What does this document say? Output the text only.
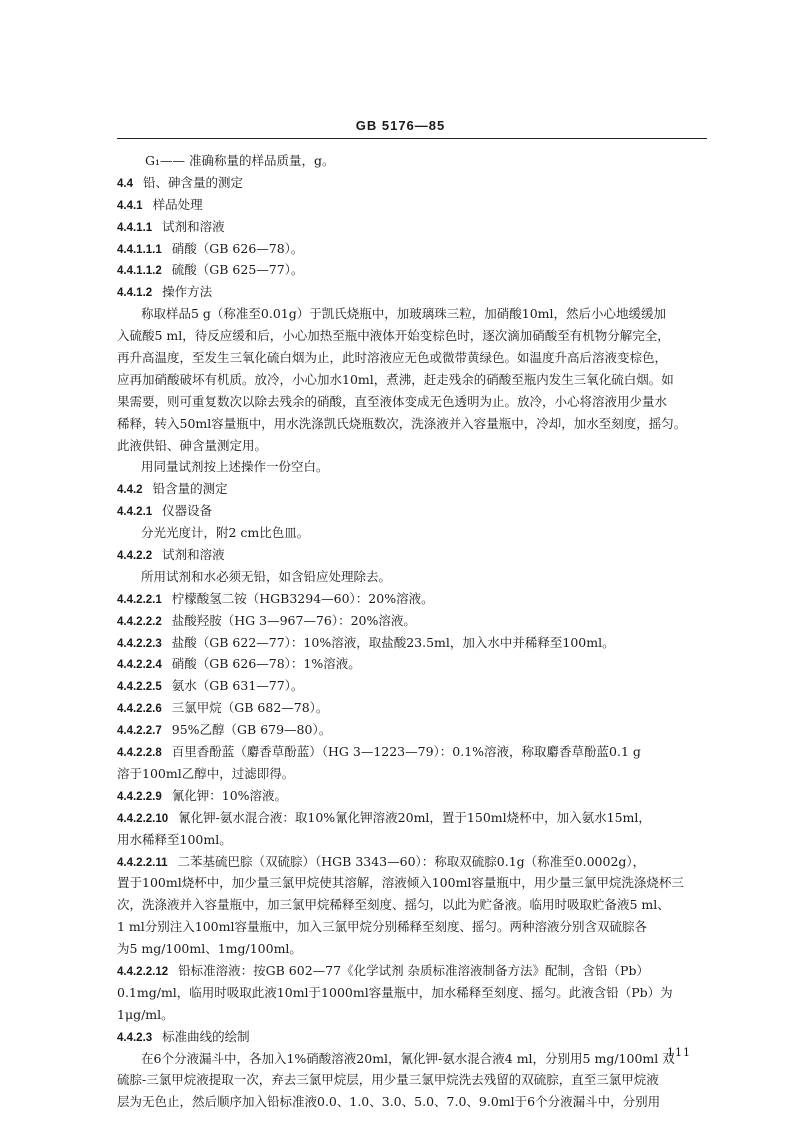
GB 5176—85
G₁—— 准确称量的样品质量，g。
4.4 铅、砷含量的测定
4.4.1 样品处理
4.4.1.1 试剂和溶液
4.4.1.1.1 硝酸（GB 626—78）。
4.4.1.1.2 硫酸（GB 625—77）。
4.4.1.2 操作方法
称取样品5 g（称准至0.01g）于凯氏烧瓶中，加玻璃珠三粒，加硝酸10ml，然后小心地缓缓加
入硫酸5 ml，待反应缓和后，小心加热至瓶中液体开始变棕色时，逐次滴加硝酸至有机物分解完全，
再升高温度，至发生三氧化硫白烟为止，此时溶液应无色或微带黄绿色。如温度升高后溶液变棕色，
应再加硝酸破坏有机质。放冷，小心加水10ml，煮沸，赶走残余的硝酸至瓶内发生三氧化硫白烟。如
果需要，则可重复数次以除去残余的硝酸，直至液体变成无色透明为止。放冷，小心将溶液用少量水
稀释，转入50ml容量瓶中，用水洗涤凯氏烧瓶数次，洗涤液并入容量瓶中，冷却，加水至刻度，摇匀。
此液供铅、砷含量测定用。
用同量试剂按上述操作一份空白。
4.4.2 铅含量的测定
4.4.2.1 仪器设备
分光光度计，附2 cm比色皿。
4.4.2.2 试剂和溶液
所用试剂和水必须无铅，如含铅应处理除去。
4.4.2.2.1 柠檬酸氢二铵（HGB3294—60）：20%溶液。
4.4.2.2.2 盐酸羟胺（HG 3—967—76）：20%溶液。
4.4.2.2.3 盐酸（GB 622—77）：10%溶液，取盐酸23.5ml，加入水中并稀释至100ml。
4.4.2.2.4 硝酸（GB 626—78）：1%溶液。
4.4.2.2.5 氨水（GB 631—77）。
4.4.2.2.6 三氯甲烷（GB 682—78）。
4.4.2.2.7 95%乙醇（GB 679—80）。
4.4.2.2.8 百里香酚蓝（麝香草酚蓝）（HG 3—1223—79）：0.1%溶液，称取麝香草酚蓝0.1 g
溶于100ml乙醇中，过滤即得。
4.4.2.2.9 氰化钾：10%溶液。
4.4.2.2.10 氰化钾-氨水混合液：取10%氰化钾溶液20ml，置于150ml烧杯中，加入氨水15ml，
用水稀释至100ml。
4.4.2.2.11 二苯基硫巴腙（双硫腙）（HGB 3343—60）：称取双硫腙0.1g（称准至0.0002g），
置于100ml烧杯中，加少量三氯甲烷使其溶解，溶液倾入100ml容量瓶中，用少量三氯甲烷洗涤烧杯三
次，洗涤液并入容量瓶中，加三氯甲烷稀释至刻度、摇匀，以此为贮备液。临用时吸取贮备液5 ml、
1 ml分别注入100ml容量瓶中，加入三氯甲烷分别稀释至刻度、摇匀。两种溶液分别含双硫腙各
为5 mg/100ml、1mg/100ml。
4.4.2.2.12 铅标准溶液：按GB 602—77《化学试剂 杂质标准溶液制备方法》配制，含铅（Pb）
0.1mg/ml，临用时吸取此液10ml于1000ml容量瓶中，加水稀释至刻度、摇匀。此液含铅（Pb）为
1μg/ml。
4.4.2.3 标准曲线的绘制
在6个分液漏斗中，各加入1%硝酸溶液20ml，氰化钾-氨水混合液4 ml，分别用5 mg/100ml 双
硫腙-三氯甲烷液提取一次，弃去三氯甲烷层，用少量三氯甲烷洗去残留的双硫腙，直至三氯甲烷液
层为无色止，然后顺序加入铅标准液0.0、1.0、3.0、5.0、7.0、9.0ml于6个分液漏斗中，分别用
111
